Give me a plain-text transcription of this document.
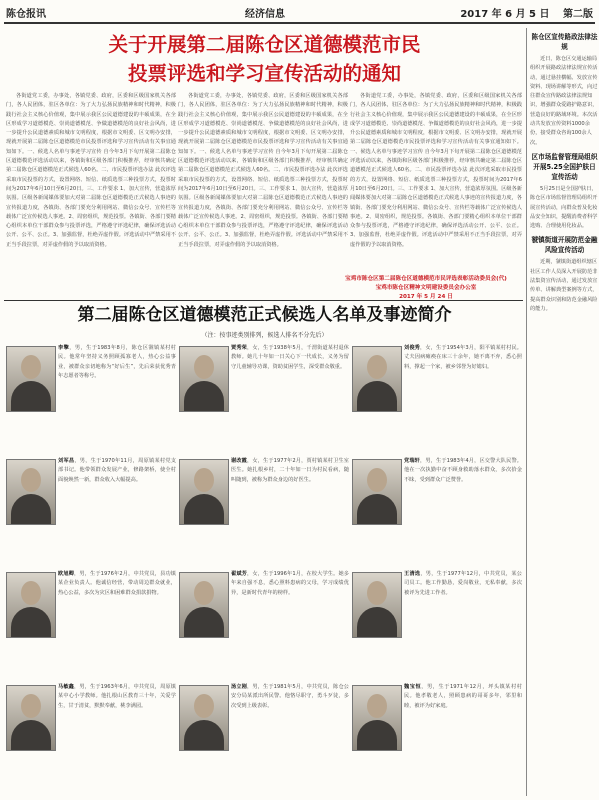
陈仓报讯	经济信息	2017 年 6 月 5 日 第二版
关于开展第二届陈仓区道德模范市民
投票评选和学习宣传活动的通知

各街道党工委，办事处，各镇党委、政府，区委和区级国家机关各部门，各人民团体，驻区各单位：为了大力弘扬民族精神和时代精神，积极践行社会主义核心价值观，集中展示我区公民道德建设的丰硕成果，在全区形成学习道德模范、崇尚道德模范、争做道德模范的良好社会风尚，进一步提升公民道德素质和城市文明程度，根据市文明委、区文明办安排，现就开展第二届陈仓区道德模范市民投票评选和学习宣传活动有关事宜通知如下。一、候选人名单与事迹学习宣传 自今年3月下旬开展第二届陈仓区道德模范评选活动以来，各镇街和区级各部门积极推荐，经审核共确定第二届陈仓区道德模范正式候选人60名。二、市民投票评选办法 此次评选采取市民投票的方式，设置网络、短信、纸质选票三种投票方式，投票时间为2017年6月10日至6月20日。三、工作要求 1、加大宣传，营造浓厚氛围。区级各新闻媒体要加大对第二届陈仓区道德模范正式候选人事迹的宣传报道力度，各镇街、各部门要充分利用网站、微信公众号、宣传栏等载体广泛宣传候选人事迹。2、周密组织，规范投票。各镇街、各部门要精心组织本单位干部群众参与投票评选，严格遵守评选纪律，确保评选活动公开、公平、公正。3、加强监督，杜绝弄虚作假。评选活动中严禁采用不正当手段拉票，对弄虚作假的予以取消资格。

各街道党工委，办事处，各镇党委、政府，区委和区级国家机关各部门，各人民团体，驻区各单位：为了大力弘扬民族精神和时代精神，积极践行社会主义核心价值观，集中展示我区公民道德建设的丰硕成果，在全区形成学习道德模范、崇尚道德模范、争做道德模范的良好社会风尚，进一步提升公民道德素质和城市文明程度，根据市文明委、区文明办安排，现就开展第二届陈仓区道德模范市民投票评选和学习宣传活动有关事宜通知如下。一、候选人名单与事迹学习宣传 自今年3月下旬开展第二届陈仓区道德模范评选活动以来，各镇街和区级各部门积极推荐，经审核共确定第二届陈仓区道德模范正式候选人60名。二、市民投票评选办法 此次评选采取市民投票的方式，设置网络、短信、纸质选票三种投票方式，投票时间为2017年6月10日至6月20日。三、工作要求 1、加大宣传，营造浓厚氛围。区级各新闻媒体要加大对第二届陈仓区道德模范正式候选人事迹的宣传报道力度，各镇街、各部门要充分利用网站、微信公众号、宣传栏等载体广泛宣传候选人事迹。2、周密组织，规范投票。各镇街、各部门要精心组织本单位干部群众参与投票评选，严格遵守评选纪律，确保评选活动公开、公平、公正。3、加强监督，杜绝弄虚作假。评选活动中严禁采用不正当手段拉票，对弄虚作假的予以取消资格。

各街道党工委，办事处，各镇党委、政府，区委和区级国家机关各部门，各人民团体，驻区各单位：为了大力弘扬民族精神和时代精神，积极践行社会主义核心价值观，集中展示我区公民道德建设的丰硕成果，在全区形成学习道德模范、崇尚道德模范、争做道德模范的良好社会风尚，进一步提升公民道德素质和城市文明程度，根据市文明委、区文明办安排，现就开展第二届陈仓区道德模范市民投票评选和学习宣传活动有关事宜通知如下。一、候选人名单与事迹学习宣传 自今年3月下旬开展第二届陈仓区道德模范评选活动以来，各镇街和区级各部门积极推荐，经审核共确定第二届陈仓区道德模范正式候选人60名。二、市民投票评选办法 此次评选采取市民投票的方式，设置网络、短信、纸质选票三种投票方式，投票时间为2017年6月10日至6月20日。三、工作要求 1、加大宣传，营造浓厚氛围。区级各新闻媒体要加大对第二届陈仓区道德模范正式候选人事迹的宣传报道力度，各镇街、各部门要充分利用网站、微信公众号、宣传栏等载体广泛宣传候选人事迹。2、周密组织，规范投票。各镇街、各部门要精心组织本单位干部群众参与投票评选，严格遵守评选纪律，确保评选活动公开、公平、公正。3、加强监督，杜绝弄虚作假。评选活动中严禁采用不正当手段拉票，对弄虚作假的予以取消资格。

宝鸡市陈仓区第二届陈仓区道德模范市民评选表彰活动委员会(代)
宝鸡市陈仓区精神文明建设委员会办公室
2017 年 5 月 24 日
第二届陈仓区道德模范正式候选人名单及事迹简介
（注：按事迹类别排列，候选人排名不分先后）
李擎，男，生于1983年8月，陈仓区虢镇某村村民。他常年坚持义务照顾孤寡老人，热心公益事业，被群众亲切地称为“好后生”，先后荣获优秀青年志愿者等称号。
贾秀荣，女，生于1938年5月，千渭街道某村退休教师。她几十年如一日关心下一代成长，义务为留守儿童辅导功课，资助贫困学生，深受群众敬重。
刘俊秀，女，生于1954年3月，阳平镇某村村民。丈夫因病瘫痪在床三十余年，她不离不弃，悉心照料，撑起一个家，被乡邻誉为好媳妇。
刘军昌，男，生于1970年11月，周原镇某村党支部书记。他带领群众发展产业，修路架桥，使全村面貌焕然一新，群众收入大幅提高。
谢改霞，女，生于1977年2月，贾村镇某村卫生室医生。她扎根乡村，二十年如一日为村民看病，随叫随到，被称为群众身边的好医生。
党瑞轩，男，生于1983年4月，区交警大队民警。他在一次执勤中奋不顾身救助落水群众，多次拾金不昧，受到群众广泛赞誉。
欧旭卿，男，生于1976年2月，中共党员，县功镇某企业负责人。他诚信经营，带动周边群众就业，热心公益，多次为灾区和困难群众捐款捐物。
翟斌芳，女，生于1996年1月，在校大学生。她多年来自强不息，悉心照料患病的父母，学习成绩优异，是新时代青年的榜样。
王清选，男，生于1977年12月，中共党员，某公司员工。他工作勤恳，爱岗敬业，无私奉献，多次被评为先进工作者。
马敏鑫，男，生于1963年6月，中共党员，周原镇某中心小学教师。他扎根山区教育三十年，关爱学生，甘于清贫，默默奉献，桃李满园。
汤立刚，男，生于1981年5月，中共党员，陈仓公安分局某派出所民警。他恪尽职守，勇斗歹徒，多次受到上级表彰。
魏宝恒，男，生于1971年12月，坪头镇某村村民。他孝敬老人，照顾患病的哥哥多年，邻里和睦，被评为好家庭。
陈仓区宣传路政法律法规

近日，陈仓区交通运输局组织开展路政法律法规宣传活动，通过悬挂横幅、发放宣传资料、现场讲解等形式，向过往群众宣传路政法律法规知识，增强群众爱路护路意识，营造良好的路域环境。本次活动共发放宣传资料1000余份，接受群众咨询100余人次。

区市场监督管理局组织开展5.25全国护肤日宣传活动

5月25日是全国护肤日，陈仓区市场监督管理局组织开展宣传活动，向群众普及化妆品安全知识，提醒消费者科学选购、合理使用化妆品。

虢镇街道开展防范金融风险宣传活动

近期，虢镇街道组织辖区社区工作人员深入开展防范非法集资宣传活动，通过发放宣传单、讲解典型案例等方式，提高群众识别和防范金融风险的能力。
